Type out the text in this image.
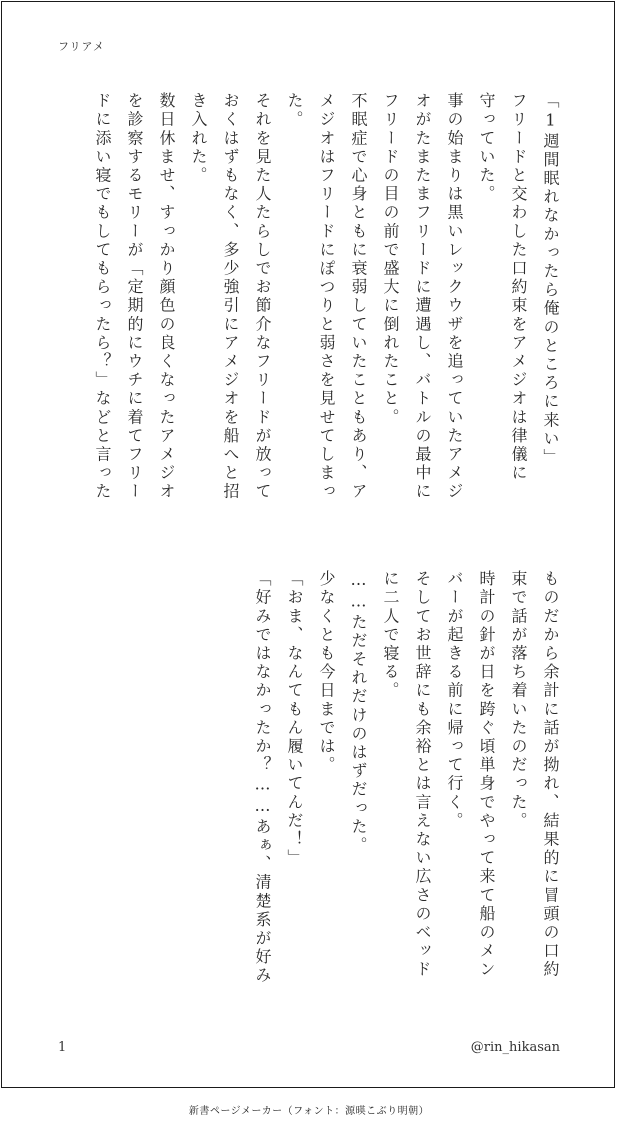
フリアメ
「1週間眠れなかったら俺のところに来い」
フリードと交わした口約束をアメジオは律儀に
守っていた。
事の始まりは黒いレックウザを追っていたアメジ
オがたまたまフリードに遭遇し、バトルの最中に
フリードの目の前で盛大に倒れたこと。
不眠症で心身ともに衰弱していたこともあり、ア
メジオはフリードにぽつりと弱さを見せてしまっ
た。
それを見た人たらしでお節介なフリードが放って
おくはずもなく、多少強引にアメジオを船へと招
き入れた。
数日休ませ、すっかり顔色の良くなったアメジオ
を診察するモリーが「定期的にウチに着てフリー
ドに添い寝でもしてもらったら？」などと言った
ものだから余計に話が拗れ、結果的に冒頭の口約
束で話が落ち着いたのだった。
時計の針が日を跨ぐ頃単身でやって来て船のメン
バーが起きる前に帰って行く。
そしてお世辞にも余裕とは言えない広さのベッド
に二人で寝る。
……ただそれだけのはずだった。
少なくとも今日までは。
「おま、なんてもん履いてんだ！」
「好みではなかったか？……あぁ、清楚系が好み
1	@rin_hikasan
新書ページメーカー（フォント：源暎こぶり明朝）
